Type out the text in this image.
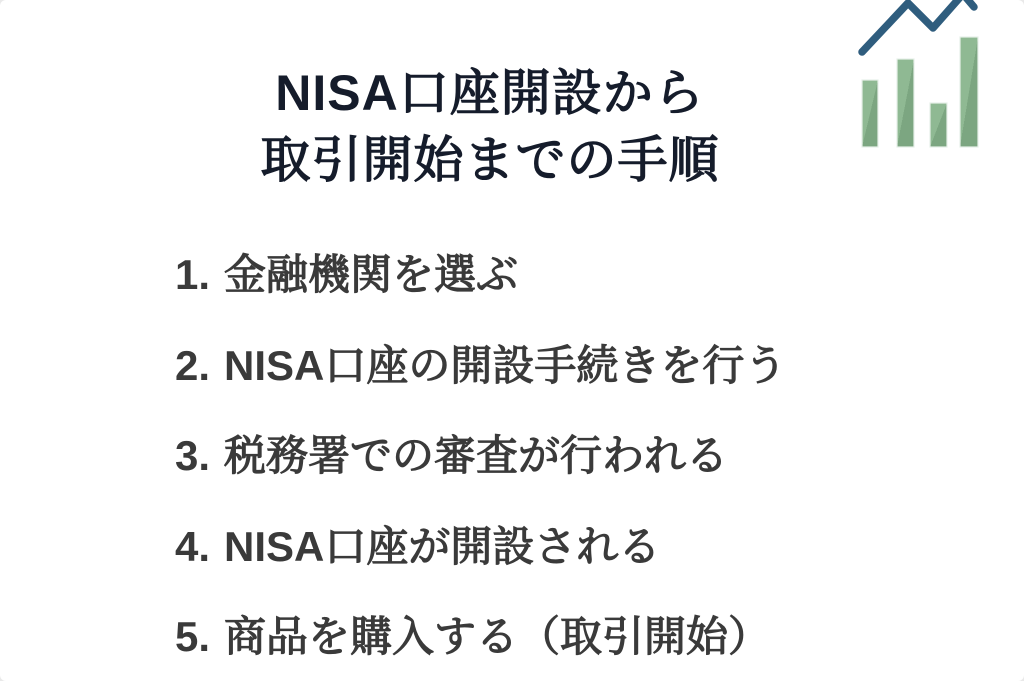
NISA口座開設から
取引開始までの手順
1. 金融機関を選ぶ
2. NISA口座の開設手続きを行う
3. 税務署での審査が行われる
4. NISA口座が開設される
5. 商品を購入する（取引開始）
